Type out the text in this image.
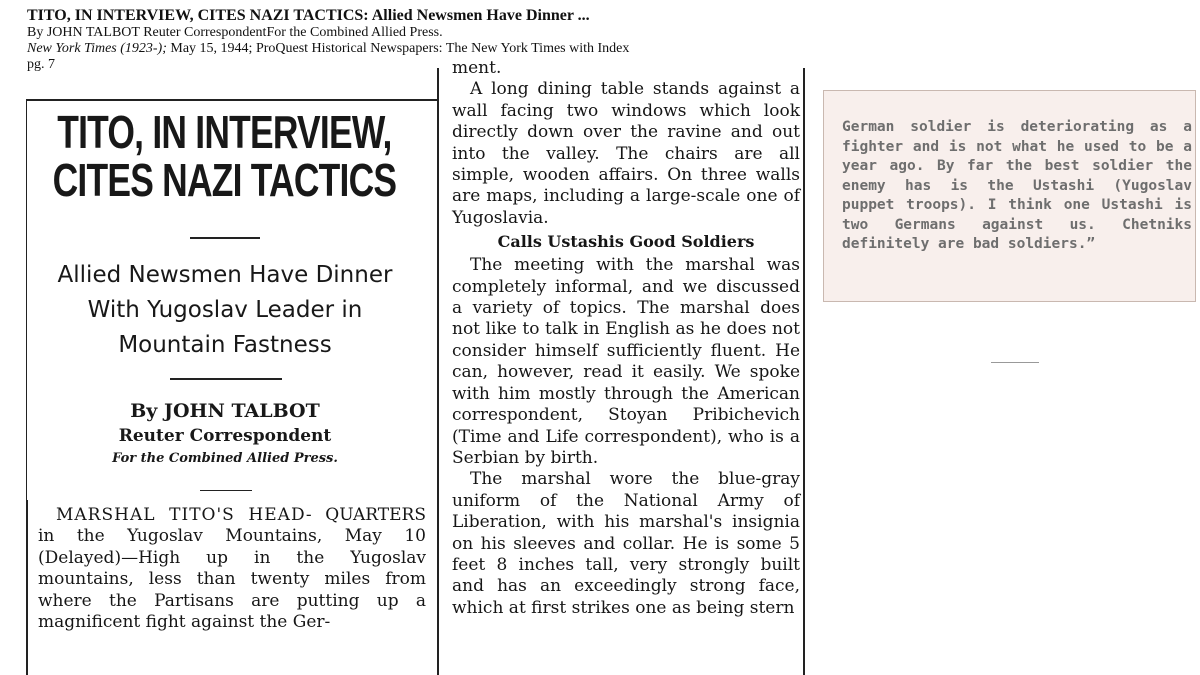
TITO, IN INTERVIEW, CITES NAZI TACTICS: Allied Newsmen Have Dinner ...
By JOHN TALBOT Reuter CorrespondentFor the Combined Allied Press.
New York Times (1923-); May 15, 1944; ProQuest Historical Newspapers: The New York Times with Index
pg. 7
TITO, IN INTERVIEW,
CITES NAZI TACTICS
Allied Newsmen Have Dinner
With Yugoslav Leader in
Mountain Fastness
By JOHN TALBOT
Reuter Correspondent
For the Combined Allied Press.

MARSHAL TITO'S HEAD- QUARTERS in the Yugoslav Mountains, May 10 (Delayed)—High up in the Yugoslav mountains, less than twenty miles from where the Partisans are putting up a magnificent fight against the Ger-

ment.

A long dining table stands against a wall facing two windows which look directly down over the ravine and out into the valley. The chairs are all simple, wooden affairs. On three walls are maps, including a large-scale one of Yugoslavia.

Calls Ustashis Good Soldiers

The meeting with the marshal was completely informal, and we discussed a variety of topics. The marshal does not like to talk in English as he does not consider himself sufficiently fluent. He can, however, read it easily. We spoke with him mostly through the American correspondent, Stoyan Pribichevich (Time and Life correspondent), who is a Serbian by birth.

The marshal wore the blue-gray uniform of the National Army of Liberation, with his marshal's insignia on his sleeves and collar. He is some 5 feet 8 inches tall, very strongly built and has an exceedingly strong face, which at first strikes one as being stern

German soldier is deteriorating as a fighter and is not what he used to be a year ago. By far the best soldier the enemy has is the Ustashi (Yugoslav puppet troops). I think one Ustashi is two Germans against us. Chetniks definitely are bad soldiers.”
